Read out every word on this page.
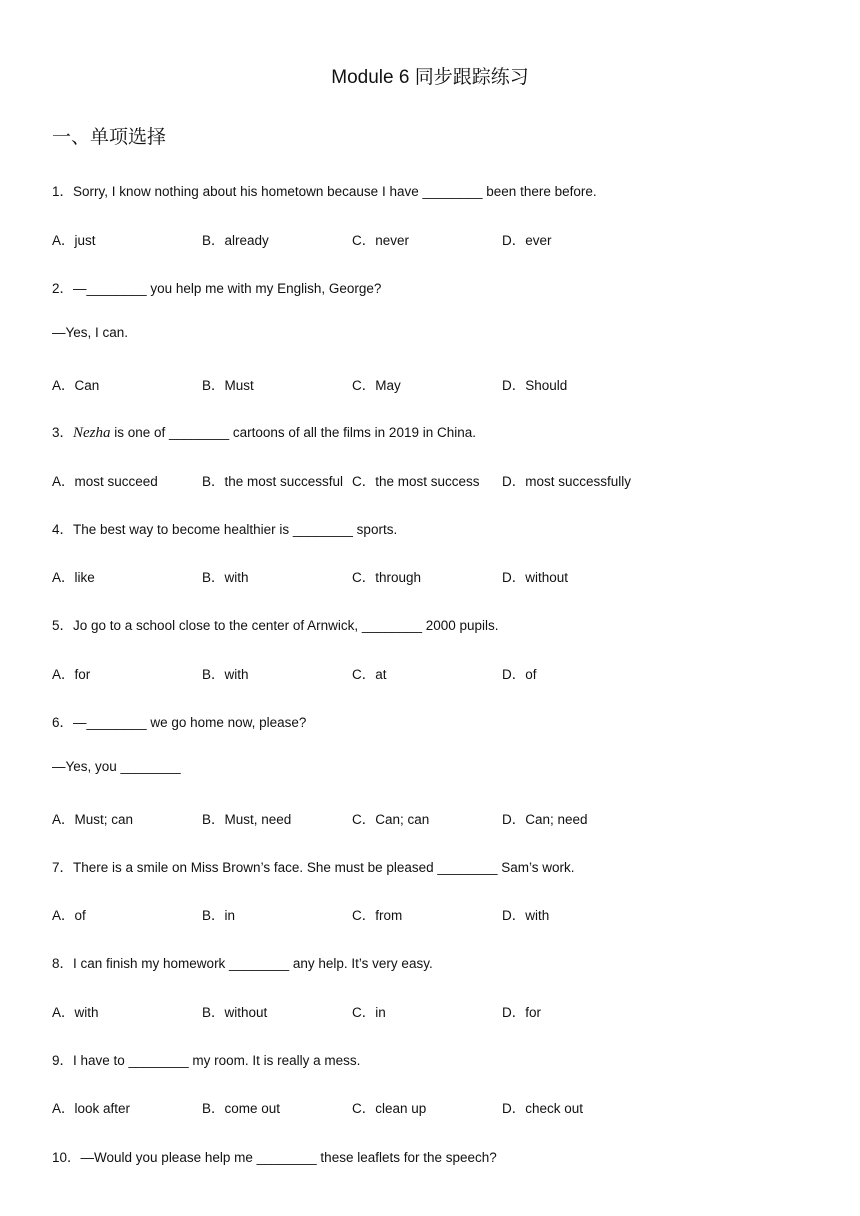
Module 6 同步跟踪练习
一、单项选择
1．Sorry, I know nothing about his hometown because I have ________ been there before.
A．just	B．already	C．never	D．ever
2．—________ you help me with my English, George?
—Yes, I can.
A．Can	B．Must	C．May	D．Should
3．Nezha is one of ________ cartoons of all the films in 2019 in China.
A．most succeed	B．the most successful C．the most success D．most successfully
4．The best way to become healthier is ________ sports.
A．like	B．with	C．through	D．without
5．Jo go to a school close to the center of Arnwick, ________ 2000 pupils.
A．for	B．with	C．at	D．of
6．—________ we go home now, please?
—Yes, you ________
A．Must; can	B．Must, need	C．Can; can	D．Can; need
7．There is a smile on Miss Brown’s face. She must be pleased ________ Sam’s work.
A．of	B．in	C．from	D．with
8．I can finish my homework ________ any help. It’s very easy.
A．with	B．without	C．in	D．for
9．I have to ________ my room. It is really a mess.
A．look after	B．come out	C．clean up	D．check out
10．—Would you please help me ________ these leaflets for the speech?
